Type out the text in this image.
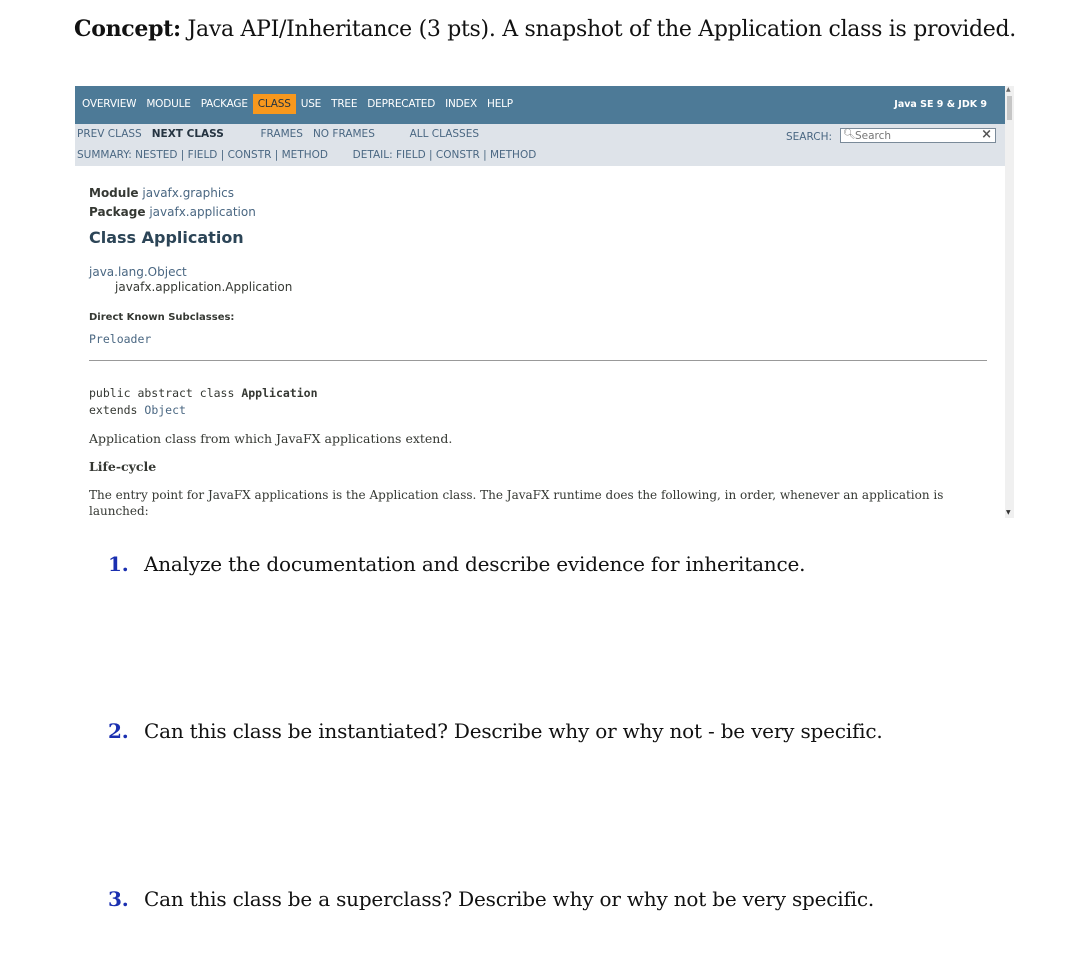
Concept: Java API/Inheritance (3 pts). A snapshot of the Application class is provided.
OVERVIEW MODULE PACKAGE CLASS USE TREE DEPRECATED INDEX HELP	Java SE 9 & JDK 9
PREV CLASS NEXT CLASS	FRAMES NO FRAMES	ALL CLASSES
SUMMARY: NESTED | FIELD | CONSTR | METHOD DETAIL: FIELD | CONSTR | METHOD
SEARCH: 🔍︎
Search	×
Module javafx.graphics
Package javafx.application
Class Application
java.lang.Object
javafx.application.Application
Direct Known Subclasses:
Preloader
public abstract class Application
extends Object
Application class from which JavaFX applications extend.
Life-cycle
The entry point for JavaFX applications is the Application class. The JavaFX runtime does the following, in order, whenever an application is launched:
▲
▼
1. Analyze the documentation and describe evidence for inheritance.
2. Can this class be instantiated? Describe why or why not - be very specific.
3. Can this class be a superclass? Describe why or why not be very specific.
